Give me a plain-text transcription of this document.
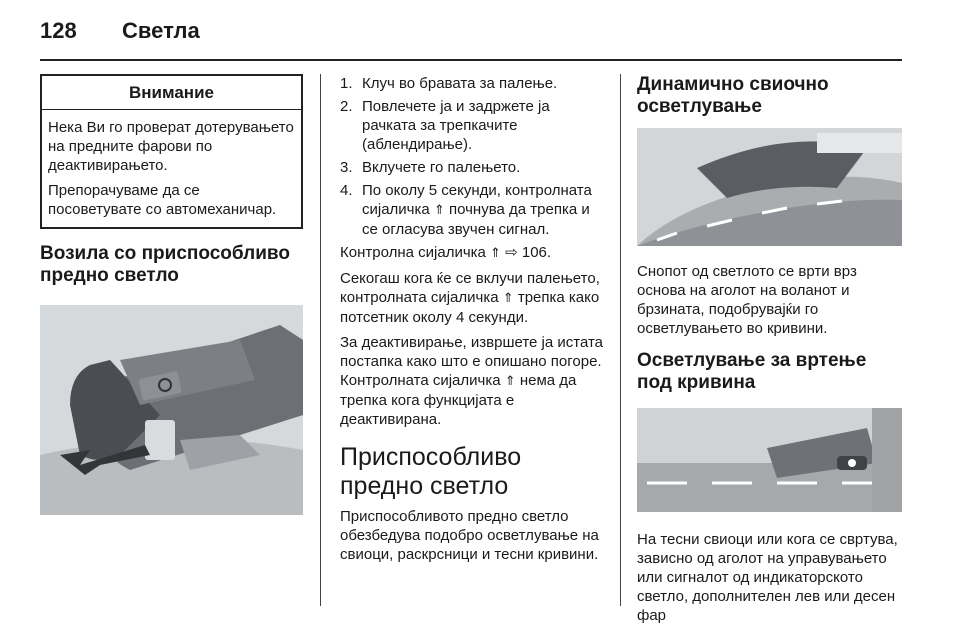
128 Светла
Внимание

Нека Ви го проверат дотерувањето на предните фарови по деактивирањето.

Препорачуваме да се посоветувате со автомеханичар.

Возила со приспособливо предно светло
1. Клуч во бравата за палење.
2. Повлечете ја и задржете ја рачката за трепкачите (аблендирање).
3. Вклучете го палењето.
4. По околу 5 секунди, контролната сијаличка ⇑ почнува да трепка и се огласува звучен сигнал.

Контролна сијаличка ⇑ ⇨ 106.

Секогаш кога ќе се вклучи палењето, контролната сијаличка ⇑ трепка како потсетник околу 4 секунди.

За деактивирање, извршете ја истата постапка како што е опишано погоре. Контролната сијаличка ⇑ нема да трепка кога функцијата е деактивирана.

Приспособливо предно светло

Приспособливото предно светло обезбедува подобро осветлување на свиоци, раскрсници и тесни кривини.

Динамично свиочно осветлување

Снопот од светлото се врти врз основа на аголот на воланот и брзината, подобрувајќи го осветлувањето во кривини.

Осветлување за вртење под кривина

На тесни свиоци или кога се свртува, зависно од аголот на управувањето или сигналот од индикаторското светло, дополнителен лев или десен фар
